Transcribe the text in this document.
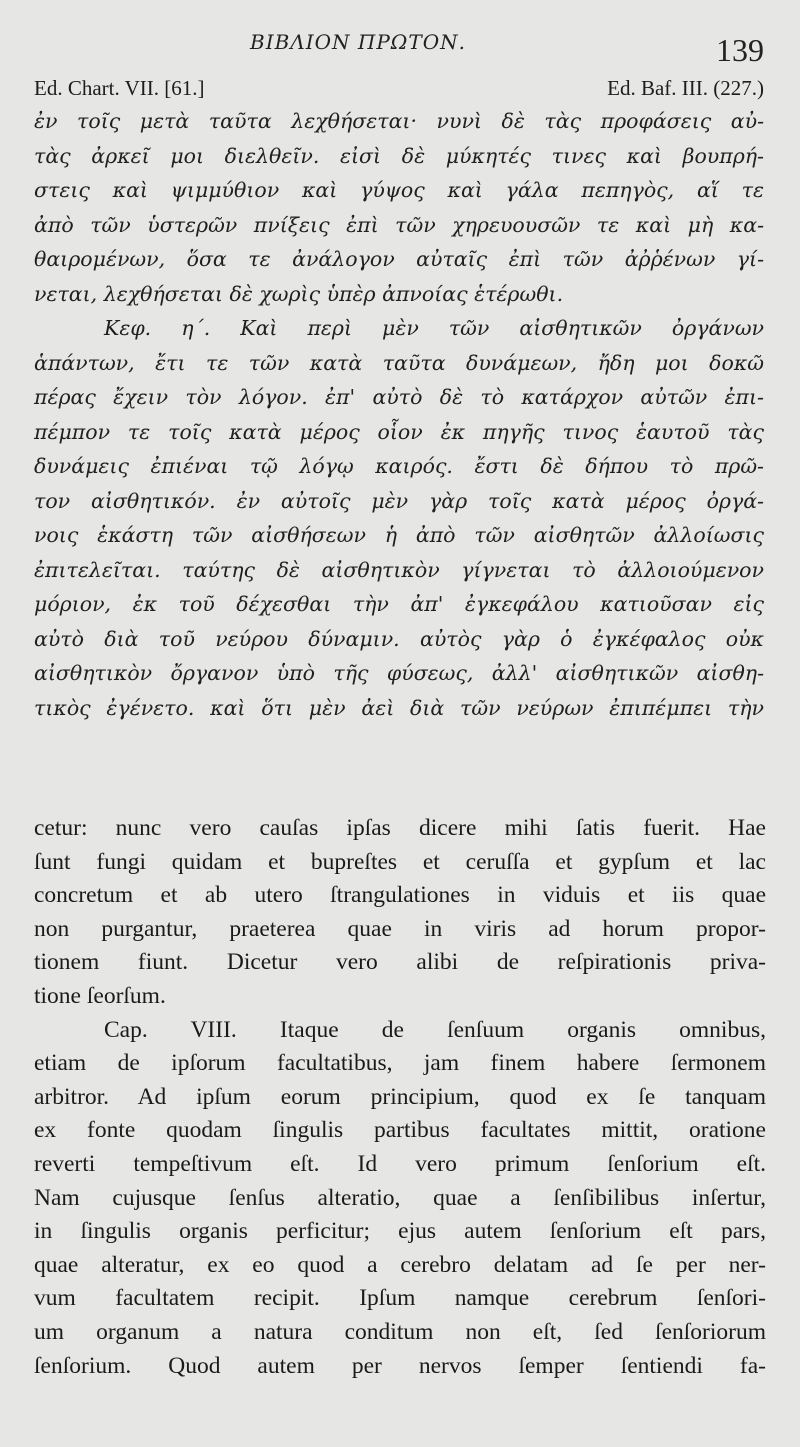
BIBΛΙΟΝ ΠΡΩΤΟΝ.	139
Ed. Chart. VII. [61.]	Ed. Baf. III. (227.)
ἐν τοῖς μετὰ ταῦτα λεχθήσεται· νυνὶ δὲ τὰς προφάσεις αὐ-
τὰς ἀρκεῖ μοι διελθεῖν. εἰσὶ δὲ μύκητές τινες καὶ βουπρή-
στεις καὶ ψιμμύθιον καὶ γύψος καὶ γάλα πεπηγὸς, αἵ τε
ἀπὸ τῶν ὑστερῶν πνίξεις ἐπὶ τῶν χηρευουσῶν τε καὶ μὴ κα-
θαιρομένων, ὅσα τε ἀνάλογον αὐταῖς ἐπὶ τῶν ἀῤῥένων γί-
νεται, λεχθήσεται δὲ χωρὶς ὑπὲρ ἀπνοίας ἑτέρωθι.
Κεφ. η΄. Καὶ περὶ μὲν τῶν αἰσθητικῶν ὀργάνων
ἁπάντων, ἔτι τε τῶν κατὰ ταῦτα δυνάμεων, ἤδη μοι δοκῶ
πέρας ἔχειν τὸν λόγον. ἐπ' αὐτὸ δὲ τὸ κατάρχον αὐτῶν ἐπι-
πέμπον τε τοῖς κατὰ μέρος οἷον ἐκ πηγῆς τινος ἑαυτοῦ τὰς
δυνάμεις ἐπιέναι τῷ λόγῳ καιρός. ἔστι δὲ δήπου τὸ πρῶ-
τον αἰσθητικόν. ἐν αὐτοῖς μὲν γὰρ τοῖς κατὰ μέρος ὀργά-
νοις ἑκάστη τῶν αἰσθήσεων ἡ ἀπὸ τῶν αἰσθητῶν ἀλλοίωσις
ἐπιτελεῖται. ταύτης δὲ αἰσθητικὸν γίγνεται τὸ ἀλλοιούμενον
μόριον, ἐκ τοῦ δέχεσθαι τὴν ἀπ' ἐγκεφάλου κατιοῦσαν εἰς
αὐτὸ διὰ τοῦ νεύρου δύναμιν. αὐτὸς γὰρ ὁ ἐγκέφαλος οὐκ
αἰσθητικὸν ὄργανον ὑπὸ τῆς φύσεως, ἀλλ' αἰσθητικῶν αἰσθη-
τικὸς ἐγένετο. καὶ ὅτι μὲν ἀεὶ διὰ τῶν νεύρων ἐπιπέμπει τὴν
cetur: nunc vero cauſas ipſas dicere mihi ſatis fuerit. Hae
ſunt fungi quidam et bupreſtes et ceruſſa et gypſum et lac
concretum et ab utero ſtrangulationes in viduis et iis quae
non purgantur, praeterea quae in viris ad horum propor-
tionem fiunt. Dicetur vero alibi de reſpirationis priva-
tione ſeorſum.
Cap. VIII. Itaque de ſenſuum organis omnibus,
etiam de ipſorum facultatibus, jam finem habere ſermonem
arbitror. Ad ipſum eorum principium, quod ex ſe tanquam
ex fonte quodam ſingulis partibus facultates mittit, oratione
reverti tempeſtivum eſt. Id vero primum ſenſorium eſt.
Nam cujusque ſenſus alteratio, quae a ſenſibilibus inſertur,
in ſingulis organis perficitur; ejus autem ſenſorium eſt pars,
quae alteratur, ex eo quod a cerebro delatam ad ſe per ner-
vum facultatem recipit. Ipſum namque cerebrum ſenſori-
um organum a natura conditum non eſt, ſed ſenſoriorum
ſenſorium. Quod autem per nervos ſemper ſentiendi fa-
